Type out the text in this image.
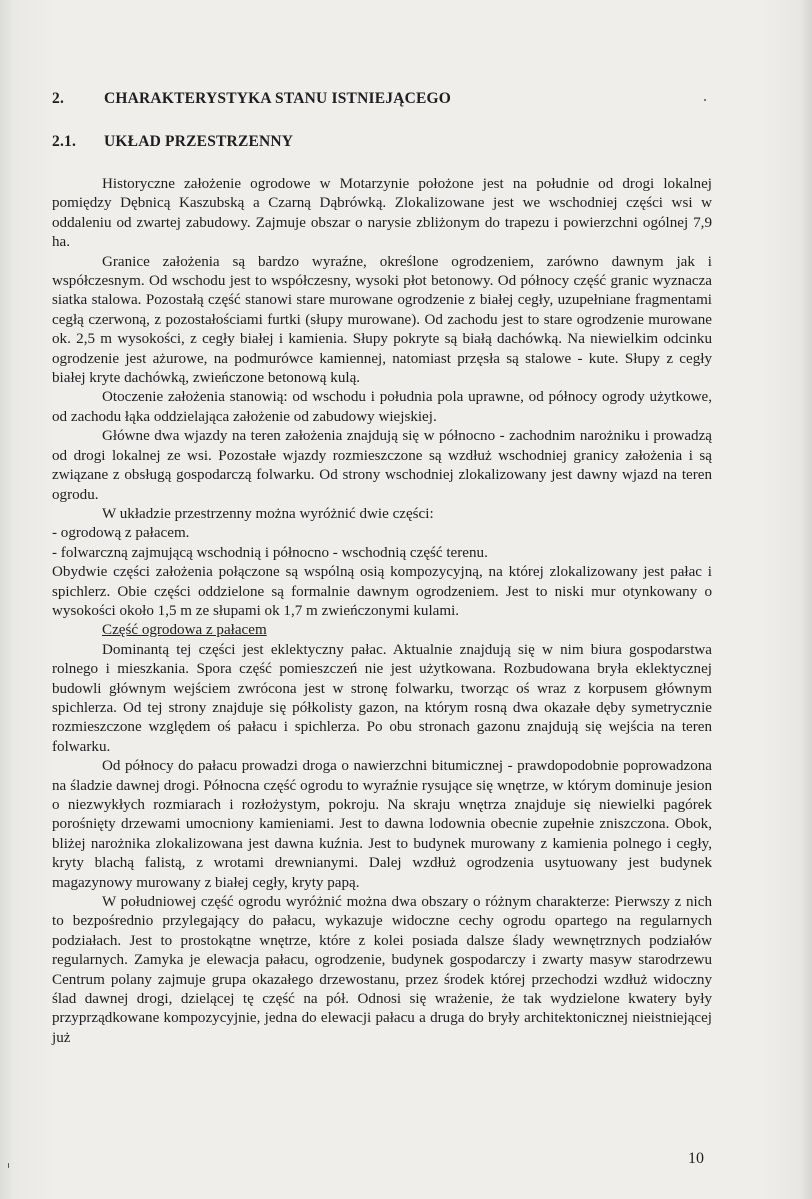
2.	CHARAKTERYSTYKA STANU ISTNIEJĄCEGO
2.1. UKŁAD PRZESTRZENNY

Historyczne założenie ogrodowe w Motarzynie położone jest na południe od drogi lokalnej pomiędzy Dębnicą Kaszubską a Czarną Dąbrówką. Zlokalizowane jest we wschodniej części wsi w oddaleniu od zwartej zabudowy. Zajmuje obszar o narysie zbliżonym do trapezu i powierzchni ogólnej 7,9 ha.

Granice założenia są bardzo wyraźne, określone ogrodzeniem, zarówno dawnym jak i współczesnym. Od wschodu jest to współczesny, wysoki płot betonowy. Od północy część granic wyznacza siatka stalowa. Pozostałą część stanowi stare murowane ogrodzenie z białej cegły, uzupełniane fragmentami cegłą czerwoną, z pozostałościami furtki (słupy murowane). Od zachodu jest to stare ogrodzenie murowane ok. 2,5 m wysokości, z cegły białej i kamienia. Słupy pokryte są białą dachówką. Na niewielkim odcinku ogrodzenie jest ażurowe, na podmurówce kamiennej, natomiast przęsła są stalowe - kute. Słupy z cegły białej kryte dachówką, zwieńczone betonową kulą.

Otoczenie założenia stanowią: od wschodu i południa pola uprawne, od północy ogrody użytkowe, od zachodu łąka oddzielająca założenie od zabudowy wiejskiej.

Główne dwa wjazdy na teren założenia znajdują się w północno - zachodnim narożniku i prowadzą od drogi lokalnej ze wsi. Pozostałe wjazdy rozmieszczone są wzdłuż wschodniej granicy założenia i są związane z obsługą gospodarczą folwarku. Od strony wschodniej zlokalizowany jest dawny wjazd na teren ogrodu.

W układzie przestrzenny można wyróżnić dwie części:

- ogrodową z pałacem.

- folwarczną zajmującą wschodnią i północno - wschodnią część terenu.

Obydwie części założenia połączone są wspólną osią kompozycyjną, na której zlokalizowany jest pałac i spichlerz. Obie części oddzielone są formalnie dawnym ogrodzeniem. Jest to niski mur otynkowany o wysokości około 1,5 m ze słupami ok 1,7 m zwieńczonymi kulami.

Część ogrodowa z pałacem

Dominantą tej części jest eklektyczny pałac. Aktualnie znajdują się w nim biura gospodarstwa rolnego i mieszkania. Spora część pomieszczeń nie jest użytkowana. Rozbudowana bryła eklektycznej budowli głównym wejściem zwrócona jest w stronę folwarku, tworząc oś wraz z korpusem głównym spichlerza. Od tej strony znajduje się półkolisty gazon, na którym rosną dwa okazałe dęby symetrycznie rozmieszczone względem oś pałacu i spichlerza. Po obu stronach gazonu znajdują się wejścia na teren folwarku.

Od północy do pałacu prowadzi droga o nawierzchni bitumicznej - prawdopodobnie poprowadzona na śladzie dawnej drogi. Północna część ogrodu to wyraźnie rysujące się wnętrze, w którym dominuje jesion o niezwykłych rozmiarach i rozłożystym, pokroju. Na skraju wnętrza znajduje się niewielki pagórek porośnięty drzewami umocniony kamieniami. Jest to dawna lodownia obecnie zupełnie zniszczona. Obok, bliżej narożnika zlokalizowana jest dawna kuźnia. Jest to budynek murowany z kamienia polnego i cegły, kryty blachą falistą, z wrotami drewnianymi. Dalej wzdłuż ogrodzenia usytuowany jest budynek magazynowy murowany z białej cegły, kryty papą.

W południowej część ogrodu wyróżnić można dwa obszary o różnym charakterze: Pierwszy z nich to bezpośrednio przylegający do pałacu, wykazuje widoczne cechy ogrodu opartego na regularnych podziałach. Jest to prostokątne wnętrze, które z kolei posiada dalsze ślady wewnętrznych podziałów regularnych. Zamyka je elewacja pałacu, ogrodzenie, budynek gospodarczy i zwarty masyw starodrzewu Centrum polany zajmuje grupa okazałego drzewostanu, przez środek której przechodzi wzdłuż widoczny ślad dawnej drogi, dzielącej tę część na pół. Odnosi się wrażenie, że tak wydzielone kwatery były przyprządkowane kompozycyjnie, jedna do elewacji pałacu a druga do bryły architektonicznej nieistniejącej już

10
